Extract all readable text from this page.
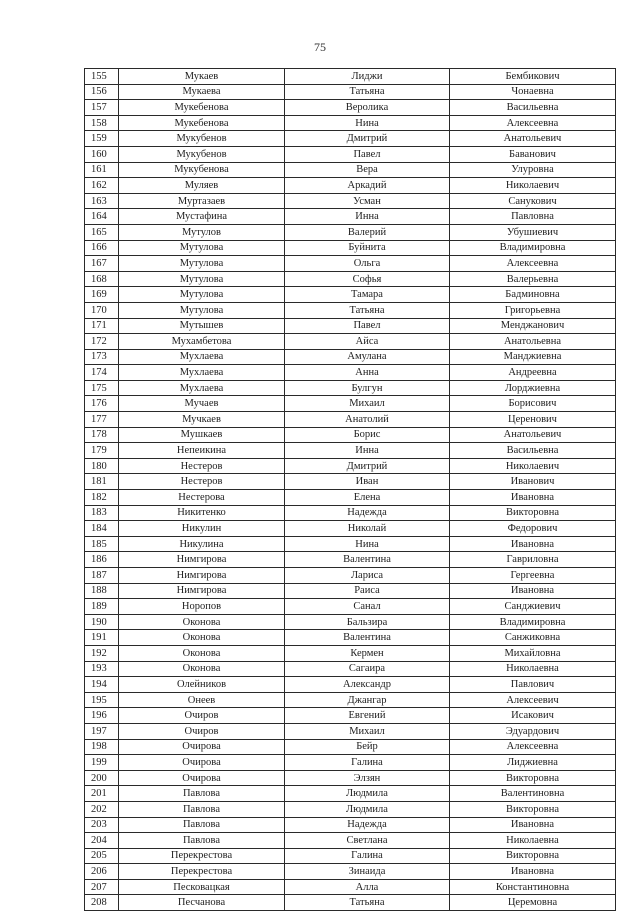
75
155	Мукаев	Лиджи	Бембикович
156	Мукаева	Татьяна	Чонаевна
157	Мукебенова	Веролика	Васильевна
158	Мукебенова	Нина	Алексеевна
159	Мукубенов	Дмитрий	Анатольевич
160	Мукубенов	Павел	Баванович
161	Мукубенова	Вера	Улуровна
162	Муляев	Аркадий	Николаевич
163	Муртазаев	Усман	Санукович
164	Мустафина	Инна	Павловна
165	Мутулов	Валерий	Убушиевич
166	Мутулова	Буйнита	Владимировна
167	Мутулова	Ольга	Алексеевна
168	Мутулова	Софья	Валерьевна
169	Мутулова	Тамара	Бадминовна
170	Мутулова	Татьяна	Григорьевна
171	Мутышев	Павел	Менджанович
172	Мухамбетова	Айса	Анатольевна
173	Мухлаева	Амулана	Манджиевна
174	Мухлаева	Анна	Андреевна
175	Мухлаева	Булгун	Лорджиевна
176	Мучаев	Михаил	Борисович
177	Мучкаев	Анатолий	Церенович
178	Мушкаев	Борис	Анатольевич
179	Непеикина	Инна	Васильевна
180	Нестеров	Дмитрий	Николаевич
181	Нестеров	Иван	Иванович
182	Нестерова	Елена	Ивановна
183	Никитенко	Надежда	Викторовна
184	Никулин	Николай	Федорович
185	Никулина	Нина	Ивановна
186	Нимгирова	Валентина	Гавриловна
187	Нимгирова	Лариса	Гергеевна
188	Нимгирова	Раиса	Ивановна
189	Норопов	Санал	Санджиевич
190	Оконова	Бальзира	Владимировна
191	Оконова	Валентина	Санжиковна
192	Оконова	Кермен	Михайловна
193	Оконова	Сагаира	Николаевна
194	Олейников	Александр	Павлович
195	Онеев	Джангар	Алексеевич
196	Очиров	Евгений	Исакович
197	Очиров	Михаил	Эдуардович
198	Очирова	Бейр	Алексеевна
199	Очирова	Галина	Лиджиевна
200	Очирова	Элзян	Викторовна
201	Павлова	Людмила	Валентиновна
202	Павлова	Людмила	Викторовна
203	Павлова	Надежда	Ивановна
204	Павлова	Светлана	Николаевна
205	Перекрестова	Галина	Викторовна
206	Перекрестова	Зинаида	Ивановна
207	Песковацкая	Алла	Константиновна
208	Песчанова	Татьяна	Церемовна
